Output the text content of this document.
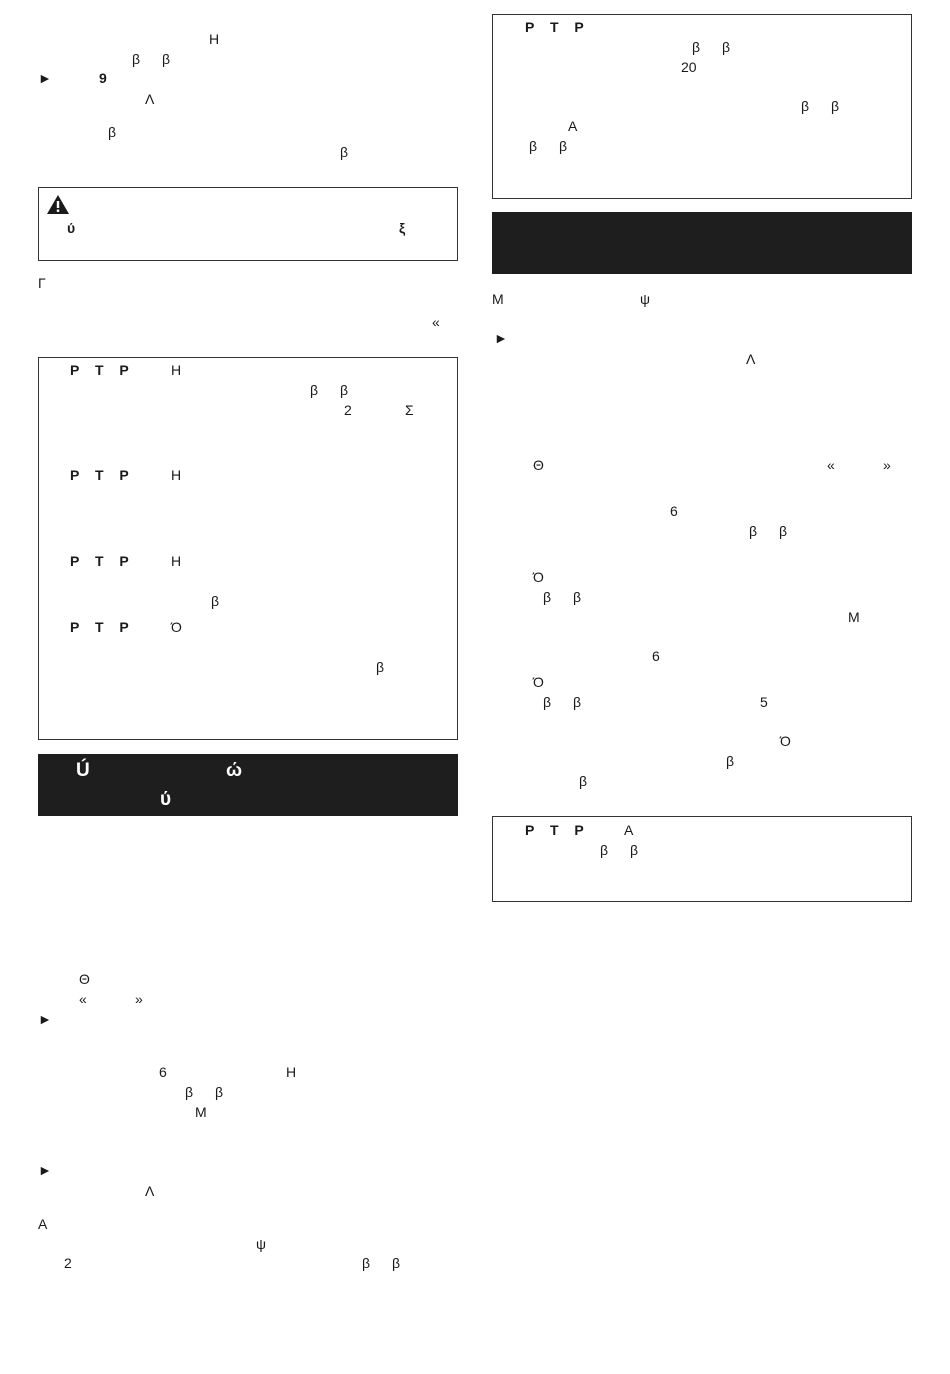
Η
β β
►	9
Λ
β
β
ύ	ξ
Γ
«
P T P	Η
β β
2	Σ
P T P	Η
P T P	Η
β
P T P	Ό
β
Ú	ώ
ύ
Θ
«	»
►
6	Η
β β
Μ
►
Λ
Α
ψ
2	β β
P T P
β β
20
β β
Α
β β
Μ	ψ
►
Λ
Θ	«	»
6
β β
Ό
β β
Μ
6
Ό
β β	5
Ό
β
β
P T P Α
β β
